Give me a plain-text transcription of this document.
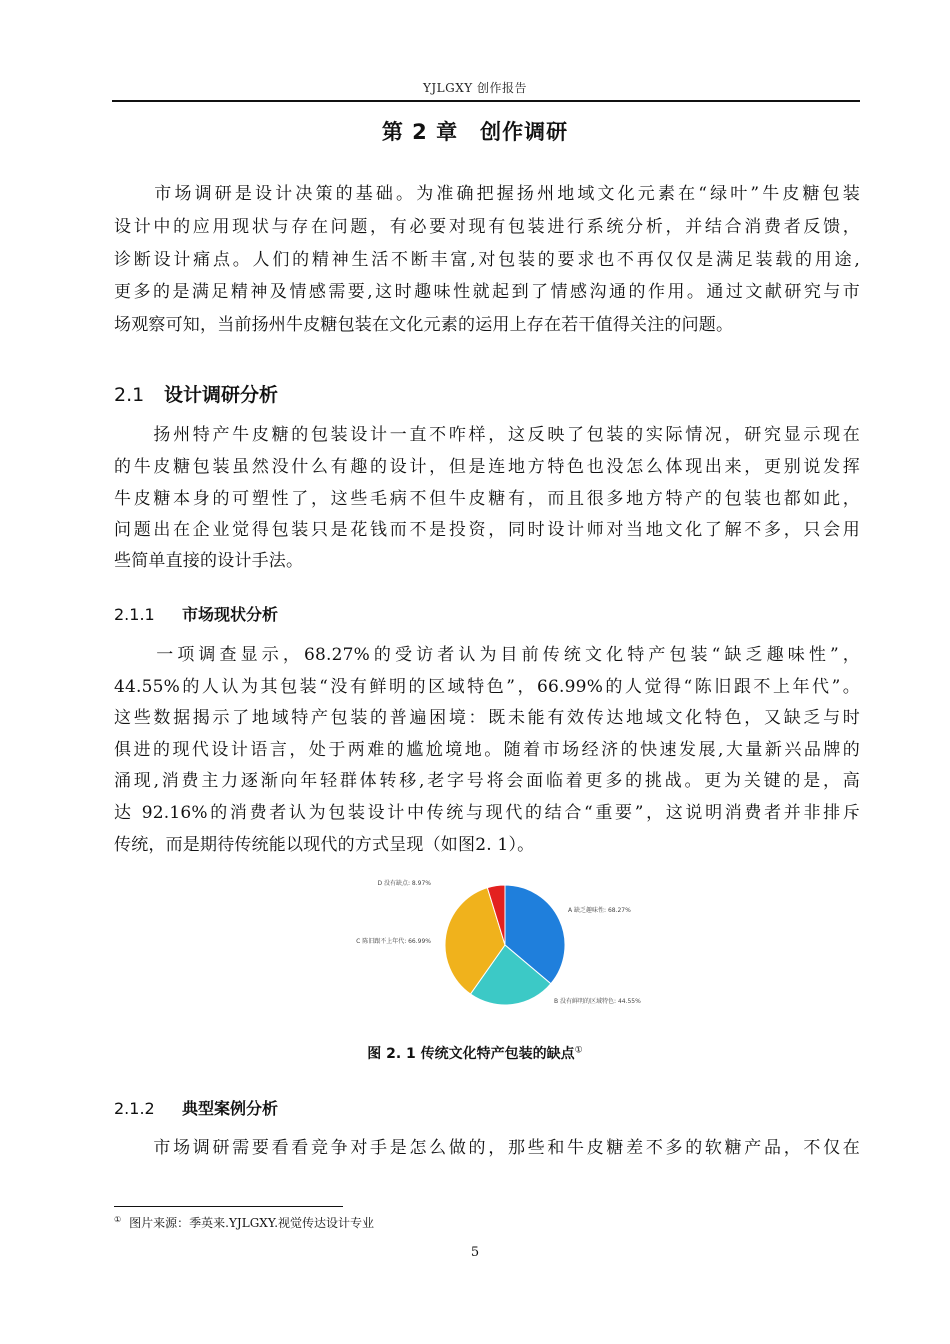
YJLGXY 创作报告
第 2 章 创作调研
　　市场调研是设计决策的基础。为准确把握扬州地域文化元素在“绿叶”牛皮糖包装
设计中的应用现状与存在问题，有必要对现有包装进行系统分析，并结合消费者反馈，
诊断设计痛点。人们的精神生活不断丰富,对包装的要求也不再仅仅是满足装载的用途,
更多的是满足精神及情感需要,这时趣味性就起到了情感沟通的作用。通过文献研究与市
场观察可知，当前扬州牛皮糖包装在文化元素的运用上存在若干值得关注的问题。
2.1 设计调研分析
　　扬州特产牛皮糖的包装设计一直不咋样，这反映了包装的实际情况，研究显示现在
的牛皮糖包装虽然没什么有趣的设计，但是连地方特色也没怎么体现出来，更别说发挥
牛皮糖本身的可塑性了，这些毛病不但牛皮糖有，而且很多地方特产的包装也都如此，
问题出在企业觉得包装只是花钱而不是投资，同时设计师对当地文化了解不多，只会用
些简单直接的设计手法。
2.1.1 市场现状分析
　　一项调查显示，68.27%的受访者认为目前传统文化特产包装“缺乏趣味性”，
44.55%的人认为其包装“没有鲜明的区域特色”，66.99%的人觉得“陈旧跟不上年代”。
这些数据揭示了地域特产包装的普遍困境：既未能有效传达地域文化特色，又缺乏与时
俱进的现代设计语言，处于两难的尴尬境地。随着市场经济的快速发展,大量新兴品牌的
涌现,消费主力逐渐向年轻群体转移,老字号将会面临着更多的挑战。更为关键的是，高
达 92.16%的消费者认为包装设计中传统与现代的结合“重要”，这说明消费者并非排斥
传统，而是期待传统能以现代的方式呈现（如图2. 1）。
A 缺乏趣味性: 68.27%
B 没有鲜明的区域特色: 44.55%
C 陈旧跟不上年代: 66.99%
D 没有缺点: 8.97%
图 2. 1 传统文化特产包装的缺点①
2.1.2 典型案例分析
　　市场调研需要看看竞争对手是怎么做的，那些和牛皮糖差不多的软糖产品，不仅在
① 图片来源：季英来.YJLGXY.视觉传达设计专业
5
